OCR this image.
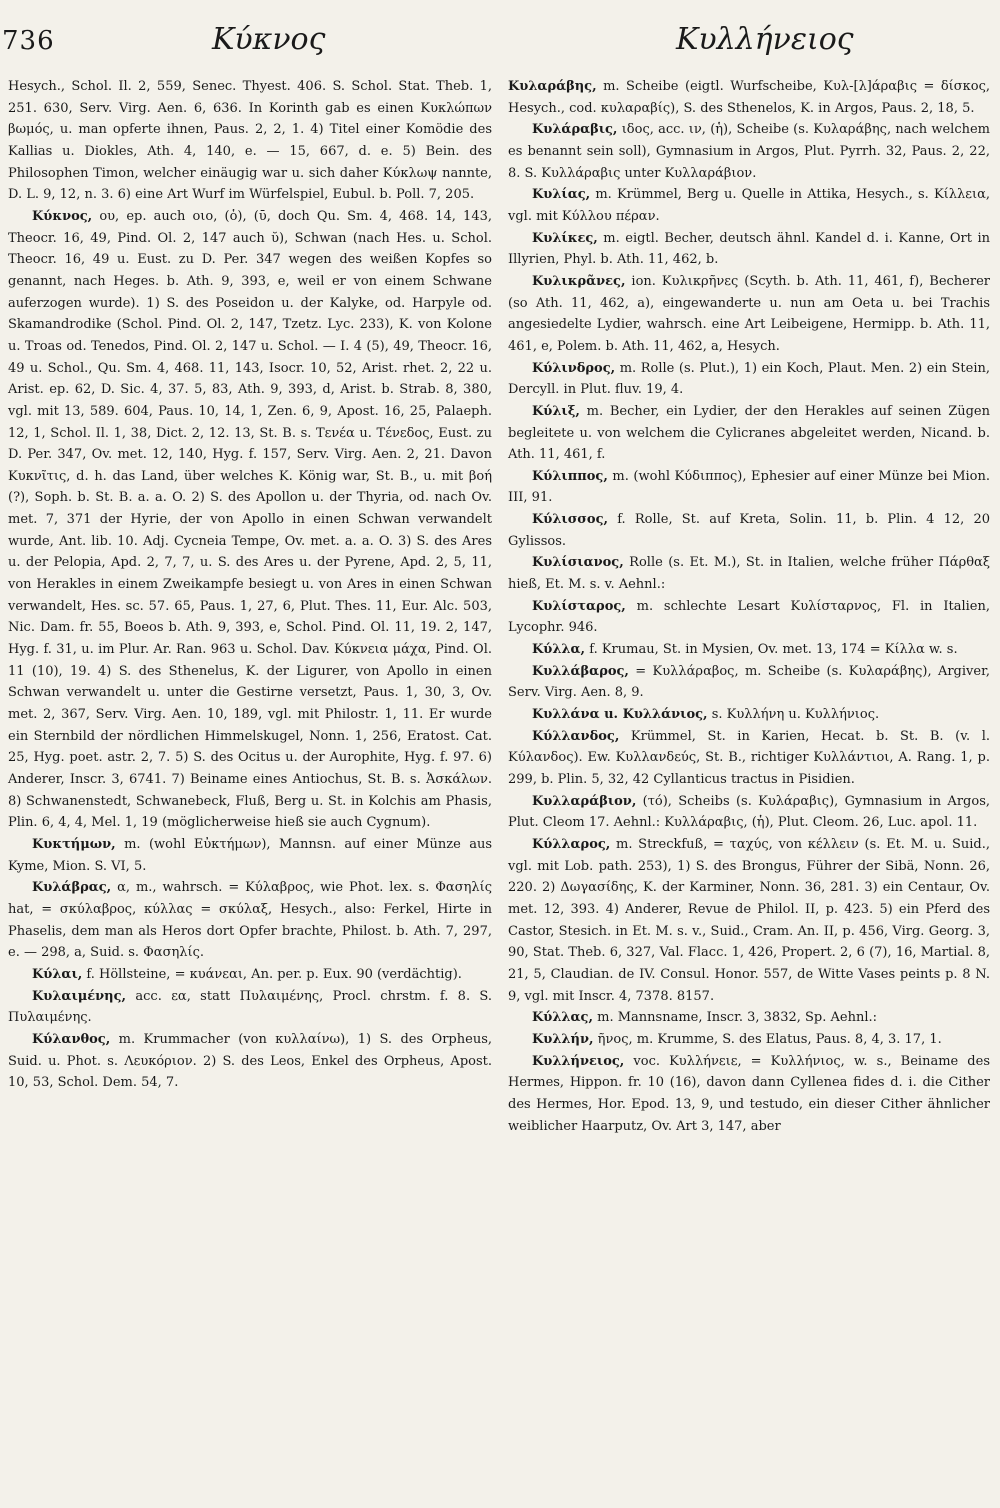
736	Κύκνος	Κυλλήνειος

Hesych., Schol. Il. 2, 559, Senec. Thyest. 406. S. Schol. Stat. Theb. 1, 251. 630, Serv. Virg. Aen. 6, 636. In Korinth gab es einen Κυκλώπων βωμός, u. man opferte ihnen, Paus. 2, 2, 1. 4) Titel einer Komödie des Kallias u. Diokles, Ath. 4, 140, e. — 15, 667, d. e. 5) Bein. des Philosophen Timon, welcher einäugig war u. sich daher Κύκλωψ nannte, D. L. 9, 12, n. 3. 6) eine Art Wurf im Würfelspiel, Eubul. b. Poll. 7, 205.

Κύκνος, ου, ep. auch οιο, (ὁ), (ῡ, doch Qu. Sm. 4, 468. 14, 143, Theocr. 16, 49, Pind. Ol. 2, 147 auch ῠ), Schwan (nach Hes. u. Schol. Theocr. 16, 49 u. Eust. zu D. Per. 347 wegen des weißen Kopfes so genannt, nach Heges. b. Ath. 9, 393, e, weil er von einem Schwane auferzogen wurde). 1) S. des Poseidon u. der Kalyke, od. Harpyle od. Skamandrodike (Schol. Pind. Ol. 2, 147, Tzetz. Lyc. 233), K. von Kolone u. Troas od. Tenedos, Pind. Ol. 2, 147 u. Schol. — I. 4 (5), 49, Theocr. 16, 49 u. Schol., Qu. Sm. 4, 468. 11, 143, Isocr. 10, 52, Arist. rhet. 2, 22 u. Arist. ep. 62, D. Sic. 4, 37. 5, 83, Ath. 9, 393, d, Arist. b. Strab. 8, 380, vgl. mit 13, 589. 604, Paus. 10, 14, 1, Zen. 6, 9, Apost. 16, 25, Palaeph. 12, 1, Schol. Il. 1, 38, Dict. 2, 12. 13, St. B. s. Τενέα u. Τένεδος, Eust. zu D. Per. 347, Ov. met. 12, 140, Hyg. f. 157, Serv. Virg. Aen. 2, 21. Davon Κυκνῖτις, d. h. das Land, über welches K. König war, St. B., u. mit βοή (?), Soph. b. St. B. a. a. O. 2) S. des Apollon u. der Thyria, od. nach Ov. met. 7, 371 der Hyrie, der von Apollo in einen Schwan verwandelt wurde, Ant. lib. 10. Adj. Cycneia Tempe, Ov. met. a. a. O. 3) S. des Ares u. der Pelopia, Apd. 2, 7, 7, u. S. des Ares u. der Pyrene, Apd. 2, 5, 11, von Herakles in einem Zweikampfe besiegt u. von Ares in einen Schwan verwandelt, Hes. sc. 57. 65, Paus. 1, 27, 6, Plut. Thes. 11, Eur. Alc. 503, Nic. Dam. fr. 55, Boeos b. Ath. 9, 393, e, Schol. Pind. Ol. 11, 19. 2, 147, Hyg. f. 31, u. im Plur. Ar. Ran. 963 u. Schol. Dav. Κύκνεια μάχα, Pind. Ol. 11 (10), 19. 4) S. des Sthenelus, K. der Ligurer, von Apollo in einen Schwan verwandelt u. unter die Gestirne versetzt, Paus. 1, 30, 3, Ov. met. 2, 367, Serv. Virg. Aen. 10, 189, vgl. mit Philostr. 1, 11. Er wurde ein Sternbild der nördlichen Himmelskugel, Nonn. 1, 256, Eratost. Cat. 25, Hyg. poet. astr. 2, 7. 5) S. des Ocitus u. der Aurophite, Hyg. f. 97. 6) Anderer, Inscr. 3, 6741. 7) Beiname eines Antiochus, St. B. s. Ἀσκάλων. 8) Schwanenstedt, Schwanebeck, Fluß, Berg u. St. in Kolchis am Phasis, Plin. 6, 4, 4, Mel. 1, 19 (möglicherweise hieß sie auch Cygnum).

Κυκτήμων, m. (wohl Εὐκτήμων), Mannsn. auf einer Münze aus Kyme, Mion. S. VI, 5.

Κυλάβρας, α, m., wahrsch. = Κύλαβρος, wie Phot. lex. s. Φασηλίς hat, = σκύλαβρος, κύλλας = σκύλαξ, Hesych., also: Ferkel, Hirte in Phaselis, dem man als Heros dort Opfer brachte, Philost. b. Ath. 7, 297, e. — 298, a, Suid. s. Φασηλίς.

Κύλαι, f. Höllsteine, = κυάνεαι, An. per. p. Eux. 90 (verdächtig).

Κυλαιμένης, acc. εα, statt Πυλαιμένης, Procl. chrstm. f. 8. S. Πυλαιμένης.

Κύλανθος, m. Krummacher (von κυλλαίνω), 1) S. des Orpheus, Suid. u. Phot. s. Λευκόριον. 2) S. des Leos, Enkel des Orpheus, Apost. 10, 53, Schol. Dem. 54, 7.

Κυλαράβης, m. Scheibe (eigtl. Wurfscheibe, Κυλ-[λ]άραβις = δίσκος, Hesych., cod. κυλαραβίς), S. des Sthenelos, K. in Argos, Paus. 2, 18, 5.

Κυλάραβις, ιδος, acc. ιν, (ἡ), Scheibe (s. Κυλαράβης, nach welchem es benannt sein soll), Gymnasium in Argos, Plut. Pyrrh. 32, Paus. 2, 22, 8. S. Κυλλάραβις unter Κυλλαράβιον.

Κυλίας, m. Krümmel, Berg u. Quelle in Attika, Hesych., s. Κίλλεια, vgl. mit Κύλλου πέραν.

Κυλίκες, m. eigtl. Becher, deutsch ähnl. Kandel d. i. Kanne, Ort in Illyrien, Phyl. b. Ath. 11, 462, b.

Κυλικρᾶνες, ion. Κυλικρῆνες (Scyth. b. Ath. 11, 461, f), Becherer (so Ath. 11, 462, a), eingewanderte u. nun am Oeta u. bei Trachis angesiedelte Lydier, wahrsch. eine Art Leibeigene, Hermipp. b. Ath. 11, 461, e, Polem. b. Ath. 11, 462, a, Hesych.

Κύλινδρος, m. Rolle (s. Plut.), 1) ein Koch, Plaut. Men. 2) ein Stein, Dercyll. in Plut. fluv. 19, 4.

Κύλιξ, m. Becher, ein Lydier, der den Herakles auf seinen Zügen begleitete u. von welchem die Cylicranes abgeleitet werden, Nicand. b. Ath. 11, 461, f.

Κύλιππος, m. (wohl Κύδιππος), Ephesier auf einer Münze bei Mion. III, 91.

Κύλισσος, f. Rolle, St. auf Kreta, Solin. 11, b. Plin. 4 12, 20 Gylissos.

Κυλίσιανος, Rolle (s. Et. M.), St. in Italien, welche früher Πάρθαξ hieß, Et. M. s. v. Aehnl.:

Κυλίσταρος, m. schlechte Lesart Κυλίσταρνος, Fl. in Italien, Lycophr. 946.

Κύλλα, f. Krumau, St. in Mysien, Ov. met. 13, 174 = Κίλλα w. s.

Κυλλάβαρος, = Κυλλάραβος, m. Scheibe (s. Κυλαράβης), Argiver, Serv. Virg. Aen. 8, 9.

Κυλλάνα u. Κυλλάνιος, s. Κυλλήνη u. Κυλλήνιος.

Κύλλανδος, Krümmel, St. in Karien, Hecat. b. St. B. (v. l. Κύλανδος). Ew. Κυλλανδεύς, St. B., richtiger Κυλλάντιοι, A. Rang. 1, p. 299, b. Plin. 5, 32, 42 Cyllanticus tractus in Pisidien.

Κυλλαράβιον, (τό), Scheibs (s. Κυλάραβις), Gymnasium in Argos, Plut. Cleom 17. Aehnl.: Κυλλάραβις, (ἡ), Plut. Cleom. 26, Luc. apol. 11.

Κύλλαρος, m. Streckfuß, = ταχύς, von κέλλειν (s. Et. M. u. Suid., vgl. mit Lob. path. 253), 1) S. des Brongus, Führer der Sibä, Nonn. 26, 220. 2) Δωγασίδης, K. der Karminer, Nonn. 36, 281. 3) ein Centaur, Ov. met. 12, 393. 4) Anderer, Revue de Philol. II, p. 423. 5) ein Pferd des Castor, Stesich. in Et. M. s. v., Suid., Cram. An. II, p. 456, Virg. Georg. 3, 90, Stat. Theb. 6, 327, Val. Flacc. 1, 426, Propert. 2, 6 (7), 16, Martial. 8, 21, 5, Claudian. de IV. Consul. Honor. 557, de Witte Vases peints p. 8 N. 9, vgl. mit Inscr. 4, 7378. 8157.

Κύλλας, m. Mannsname, Inscr. 3, 3832, Sp. Aehnl.:

Κυλλήν, ῆνος, m. Krumme, S. des Elatus, Paus. 8, 4, 3. 17, 1.

Κυλλήνειος, voc. Κυλλήνειε, = Κυλλήνιος, w. s., Beiname des Hermes, Hippon. fr. 10 (16), davon dann Cyllenea fides d. i. die Cither des Hermes, Hor. Epod. 13, 9, und testudo, ein dieser Cither ähnlicher weiblicher Haarputz, Ov. Art 3, 147, aber
